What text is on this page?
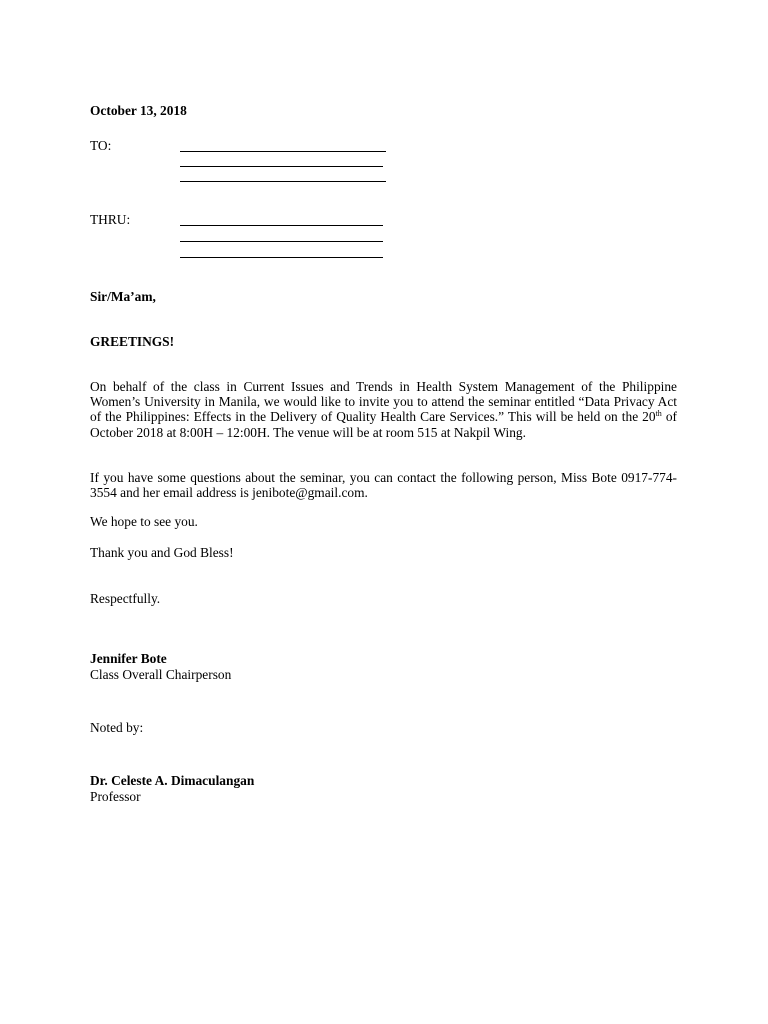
October 13, 2018
TO:
THRU:
Sir/Ma’am,
GREETINGS!
On behalf of the class in Current Issues and Trends in Health System Management of the Philippine Women’s University in Manila, we would like to invite you to attend the seminar entitled “Data Privacy Act of the Philippines: Effects in the Delivery of Quality Health Care Services.” This will be held on the 20th of October 2018 at 8:00H – 12:00H. The venue will be at room 515 at Nakpil Wing.
If you have some questions about the seminar, you can contact the following person, Miss Bote 0917-774-3554 and her email address is jenibote@gmail.com.
We hope to see you.
Thank you and God Bless!
Respectfully.
Jennifer Bote
Class Overall Chairperson
Noted by:
Dr. Celeste A. Dimaculangan
Professor
